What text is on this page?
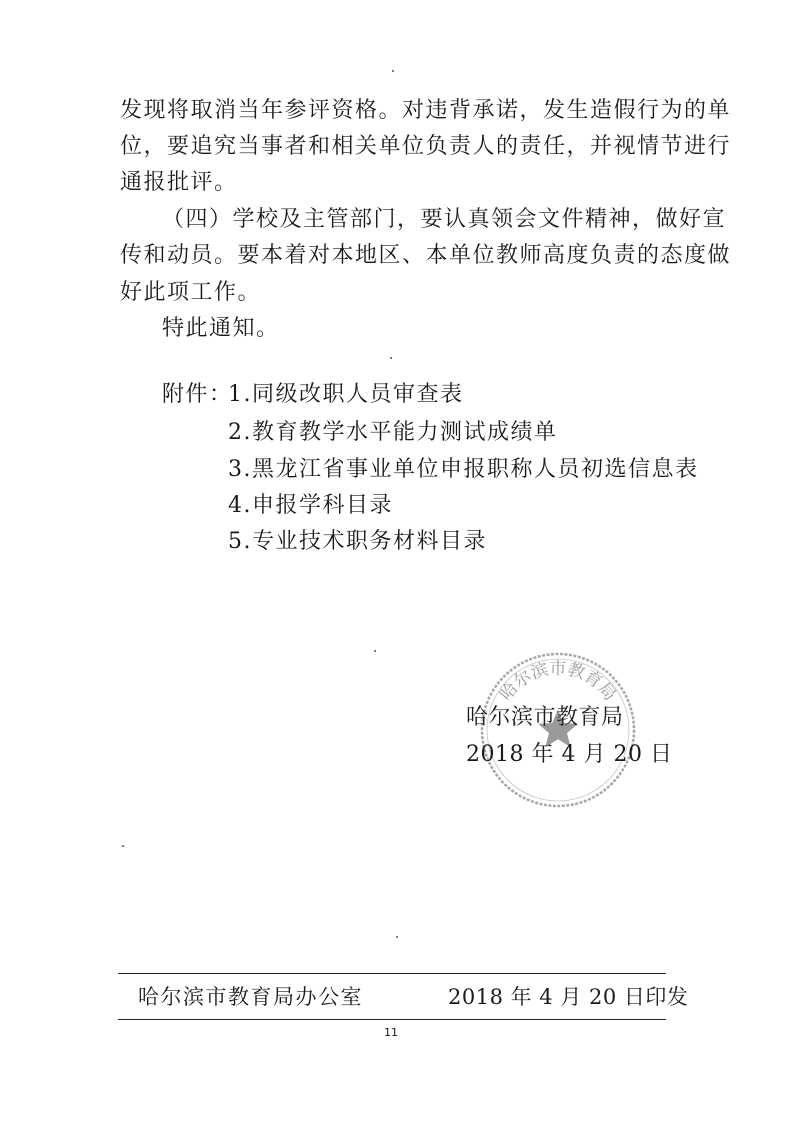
发现将取消当年参评资格。对违背承诺，发生造假行为的单
位，要追究当事者和相关单位负责人的责任，并视情节进行
通报批评。
（四）学校及主管部门，要认真领会文件精神，做好宣
传和动员。要本着对本地区、本单位教师高度负责的态度做
好此项工作。
特此通知。
附件：
1.同级改职人员审查表
2.教育教学水平能力测试成绩单
3.黑龙江省事业单位申报职称人员初选信息表
4.申报学科目录
5.专业技术职务材料目录
哈尔滨市教育局
哈尔滨市教育局
2018 年 4 月 20 日
哈尔滨市教育局办公室	2018 年 4 月 20 日印发
11
